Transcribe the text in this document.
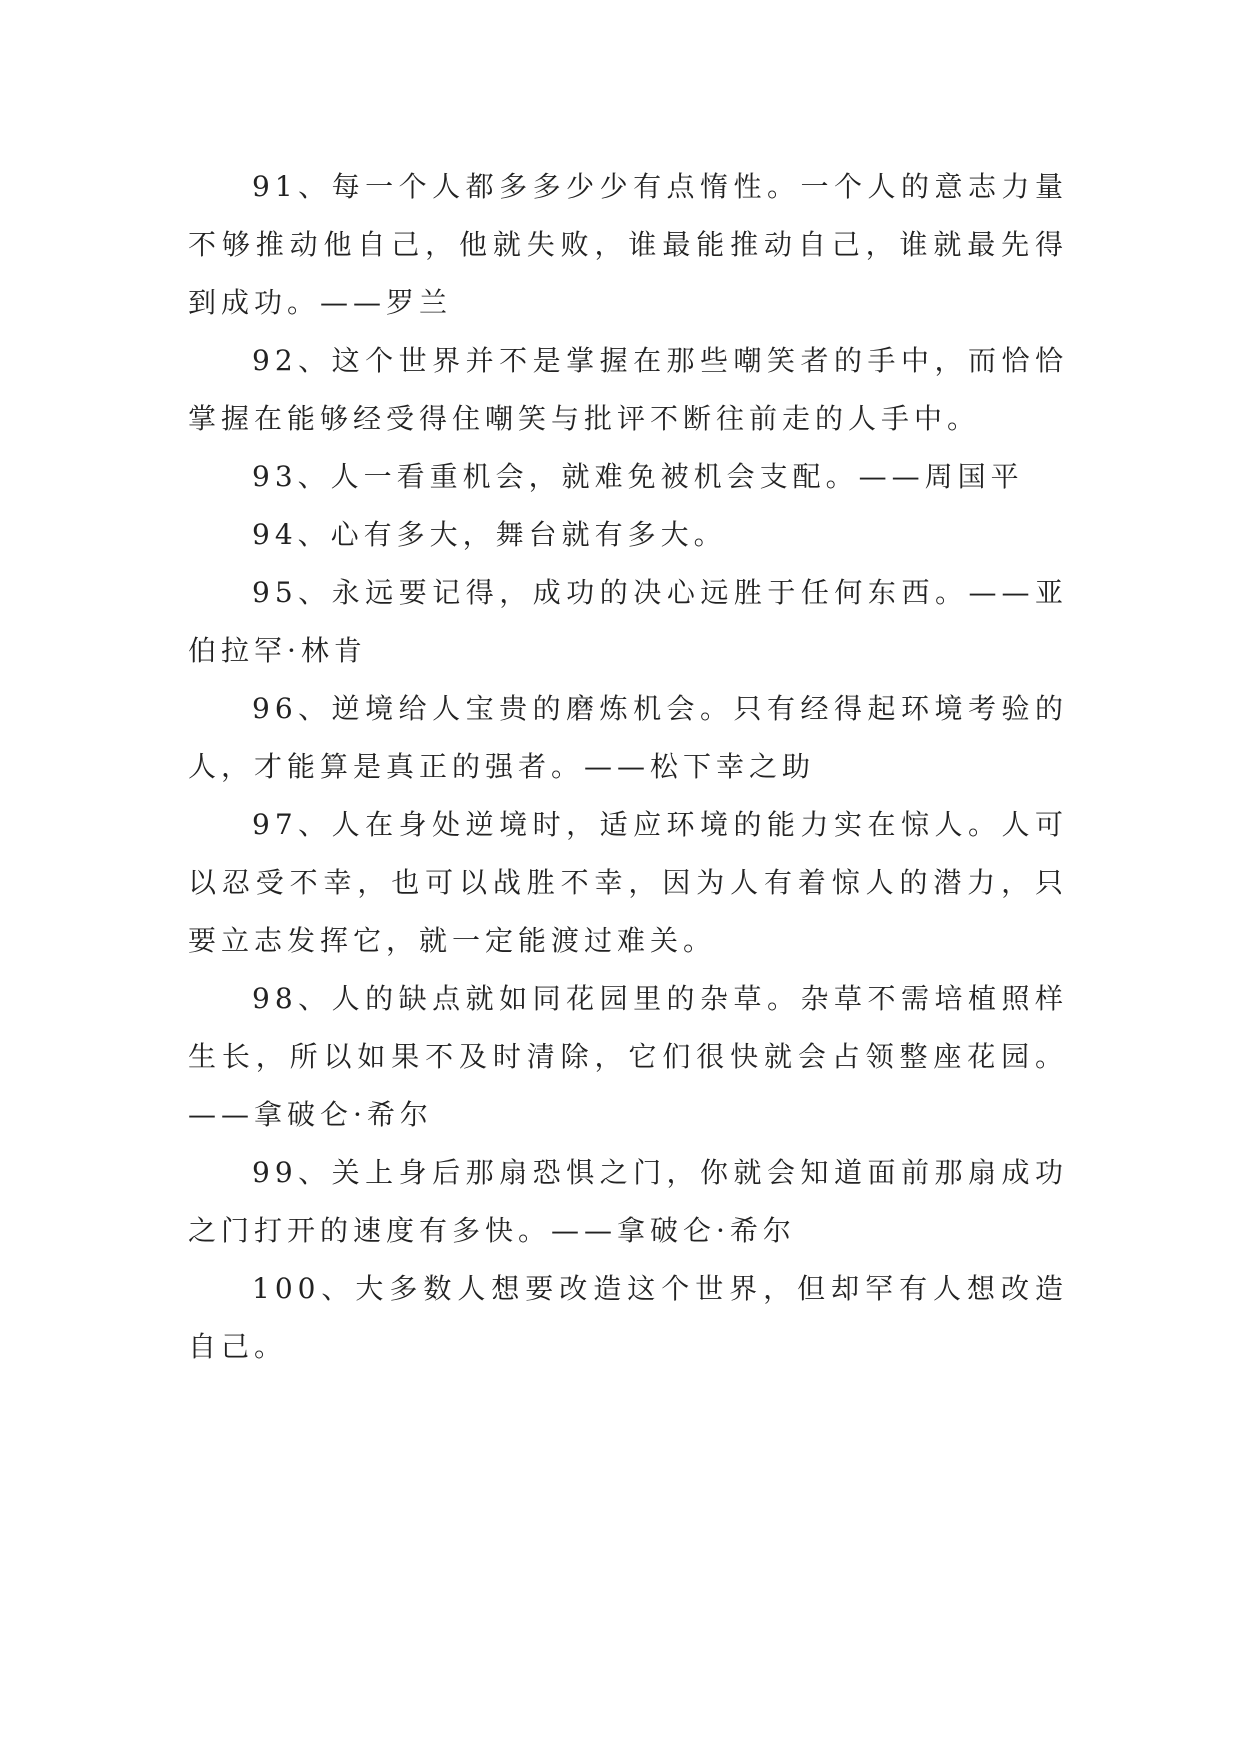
91、每一个人都多多少少有点惰性。一个人的意志力量不够推动他自己，他就失败，谁最能推动自己，谁就最先得到成功。——罗兰

92、这个世界并不是掌握在那些嘲笑者的手中，而恰恰掌握在能够经受得住嘲笑与批评不断往前走的人手中。

93、人一看重机会，就难免被机会支配。——周国平

94、心有多大，舞台就有多大。

95、永远要记得，成功的决心远胜于任何东西。——亚伯拉罕·林肯

96、逆境给人宝贵的磨炼机会。只有经得起环境考验的人，才能算是真正的强者。——松下幸之助

97、人在身处逆境时，适应环境的能力实在惊人。人可以忍受不幸，也可以战胜不幸，因为人有着惊人的潜力，只要立志发挥它，就一定能渡过难关。

98、人的缺点就如同花园里的杂草。杂草不需培植照样生长，所以如果不及时清除，它们很快就会占领整座花园。——拿破仑·希尔

99、关上身后那扇恐惧之门，你就会知道面前那扇成功之门打开的速度有多快。——拿破仑·希尔

100、大多数人想要改造这个世界，但却罕有人想改造自己。
